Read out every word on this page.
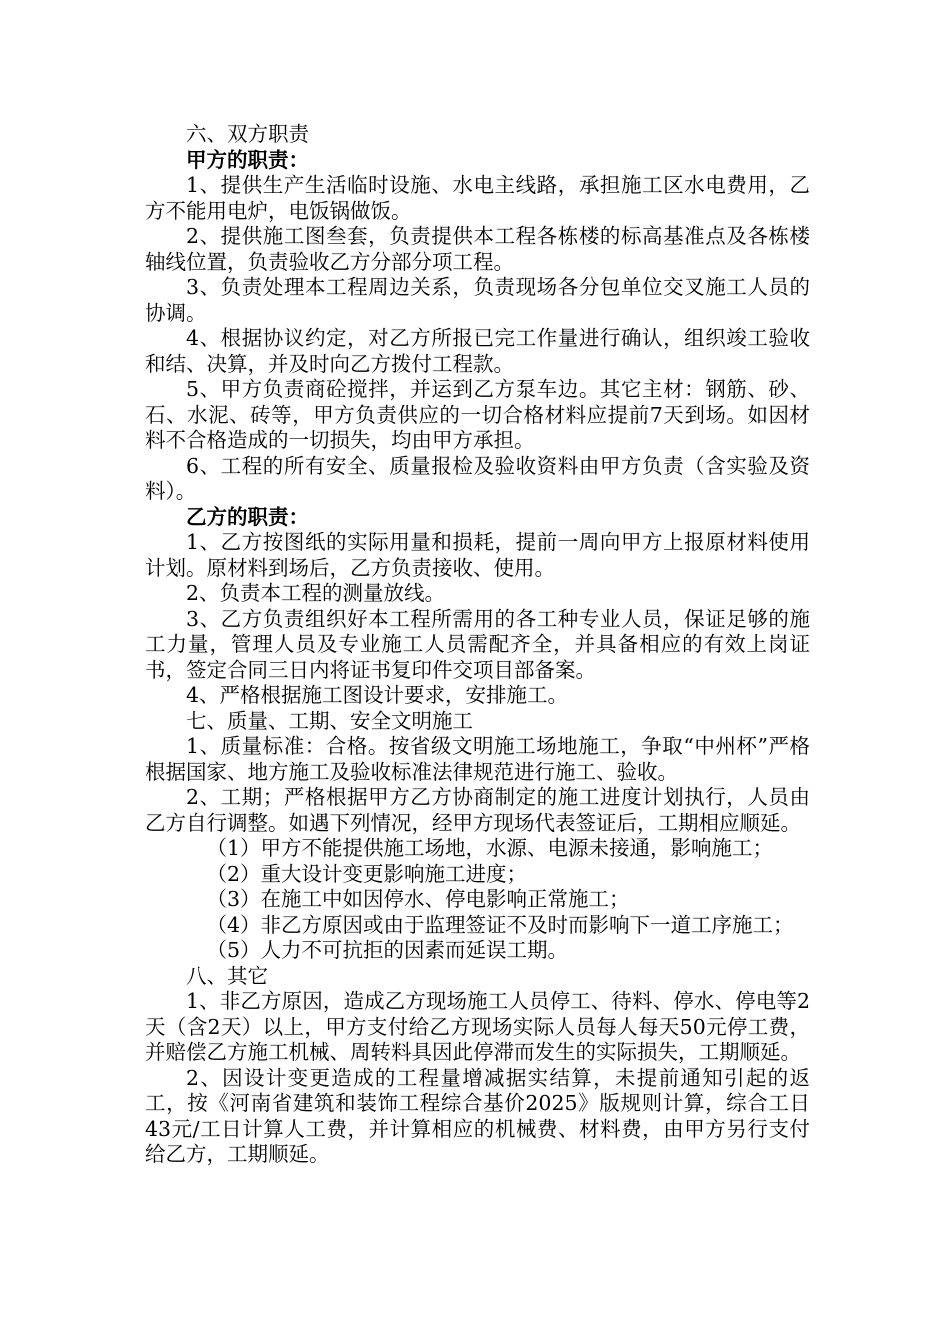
六、双方职责

甲方的职责：

1、提供生产生活临时设施、水电主线路，承担施工区水电费用，乙方不能用电炉，电饭锅做饭。

2、提供施工图叁套，负责提供本工程各栋楼的标高基准点及各栋楼轴线位置，负责验收乙方分部分项工程。

3、负责处理本工程周边关系，负责现场各分包单位交叉施工人员的协调。

4、根据协议约定，对乙方所报已完工作量进行确认，组织竣工验收和结、决算，并及时向乙方拨付工程款。

5、甲方负责商砼搅拌，并运到乙方泵车边。其它主材：钢筋、砂、石、水泥、砖等，甲方负责供应的一切合格材料应提前7天到场。如因材料不合格造成的一切损失，均由甲方承担。

6、工程的所有安全、质量报检及验收资料由甲方负责（含实验及资料）。

乙方的职责：

1、乙方按图纸的实际用量和损耗，提前一周向甲方上报原材料使用计划。原材料到场后，乙方负责接收、使用。

2、负责本工程的测量放线。

3、乙方负责组织好本工程所需用的各工种专业人员，保证足够的施工力量，管理人员及专业施工人员需配齐全，并具备相应的有效上岗证书，签定合同三日内将证书复印件交项目部备案。

4、严格根据施工图设计要求，安排施工。

七、质量、工期、安全文明施工

1、质量标准：合格。按省级文明施工场地施工，争取“中州杯”严格根据国家、地方施工及验收标准法律规范进行施工、验收。

2、工期；严格根据甲方乙方协商制定的施工进度计划执行，人员由乙方自行调整。如遇下列情况，经甲方现场代表签证后，工期相应顺延。

（1）甲方不能提供施工场地，水源、电源未接通，影响施工；

（2）重大设计变更影响施工进度；

（3）在施工中如因停水、停电影响正常施工；

（4）非乙方原因或由于监理签证不及时而影响下一道工序施工；

（5）人力不可抗拒的因素而延误工期。

八、其它

1、非乙方原因，造成乙方现场施工人员停工、待料、停水、停电等2天（含2天）以上，甲方支付给乙方现场实际人员每人每天50元停工费，并赔偿乙方施工机械、周转料具因此停滞而发生的实际损失，工期顺延。

2、因设计变更造成的工程量增减据实结算，未提前通知引起的返工，按《河南省建筑和装饰工程综合基价2025》版规则计算，综合工日43元/工日计算人工费，并计算相应的机械费、材料费，由甲方另行支付给乙方，工期顺延。
